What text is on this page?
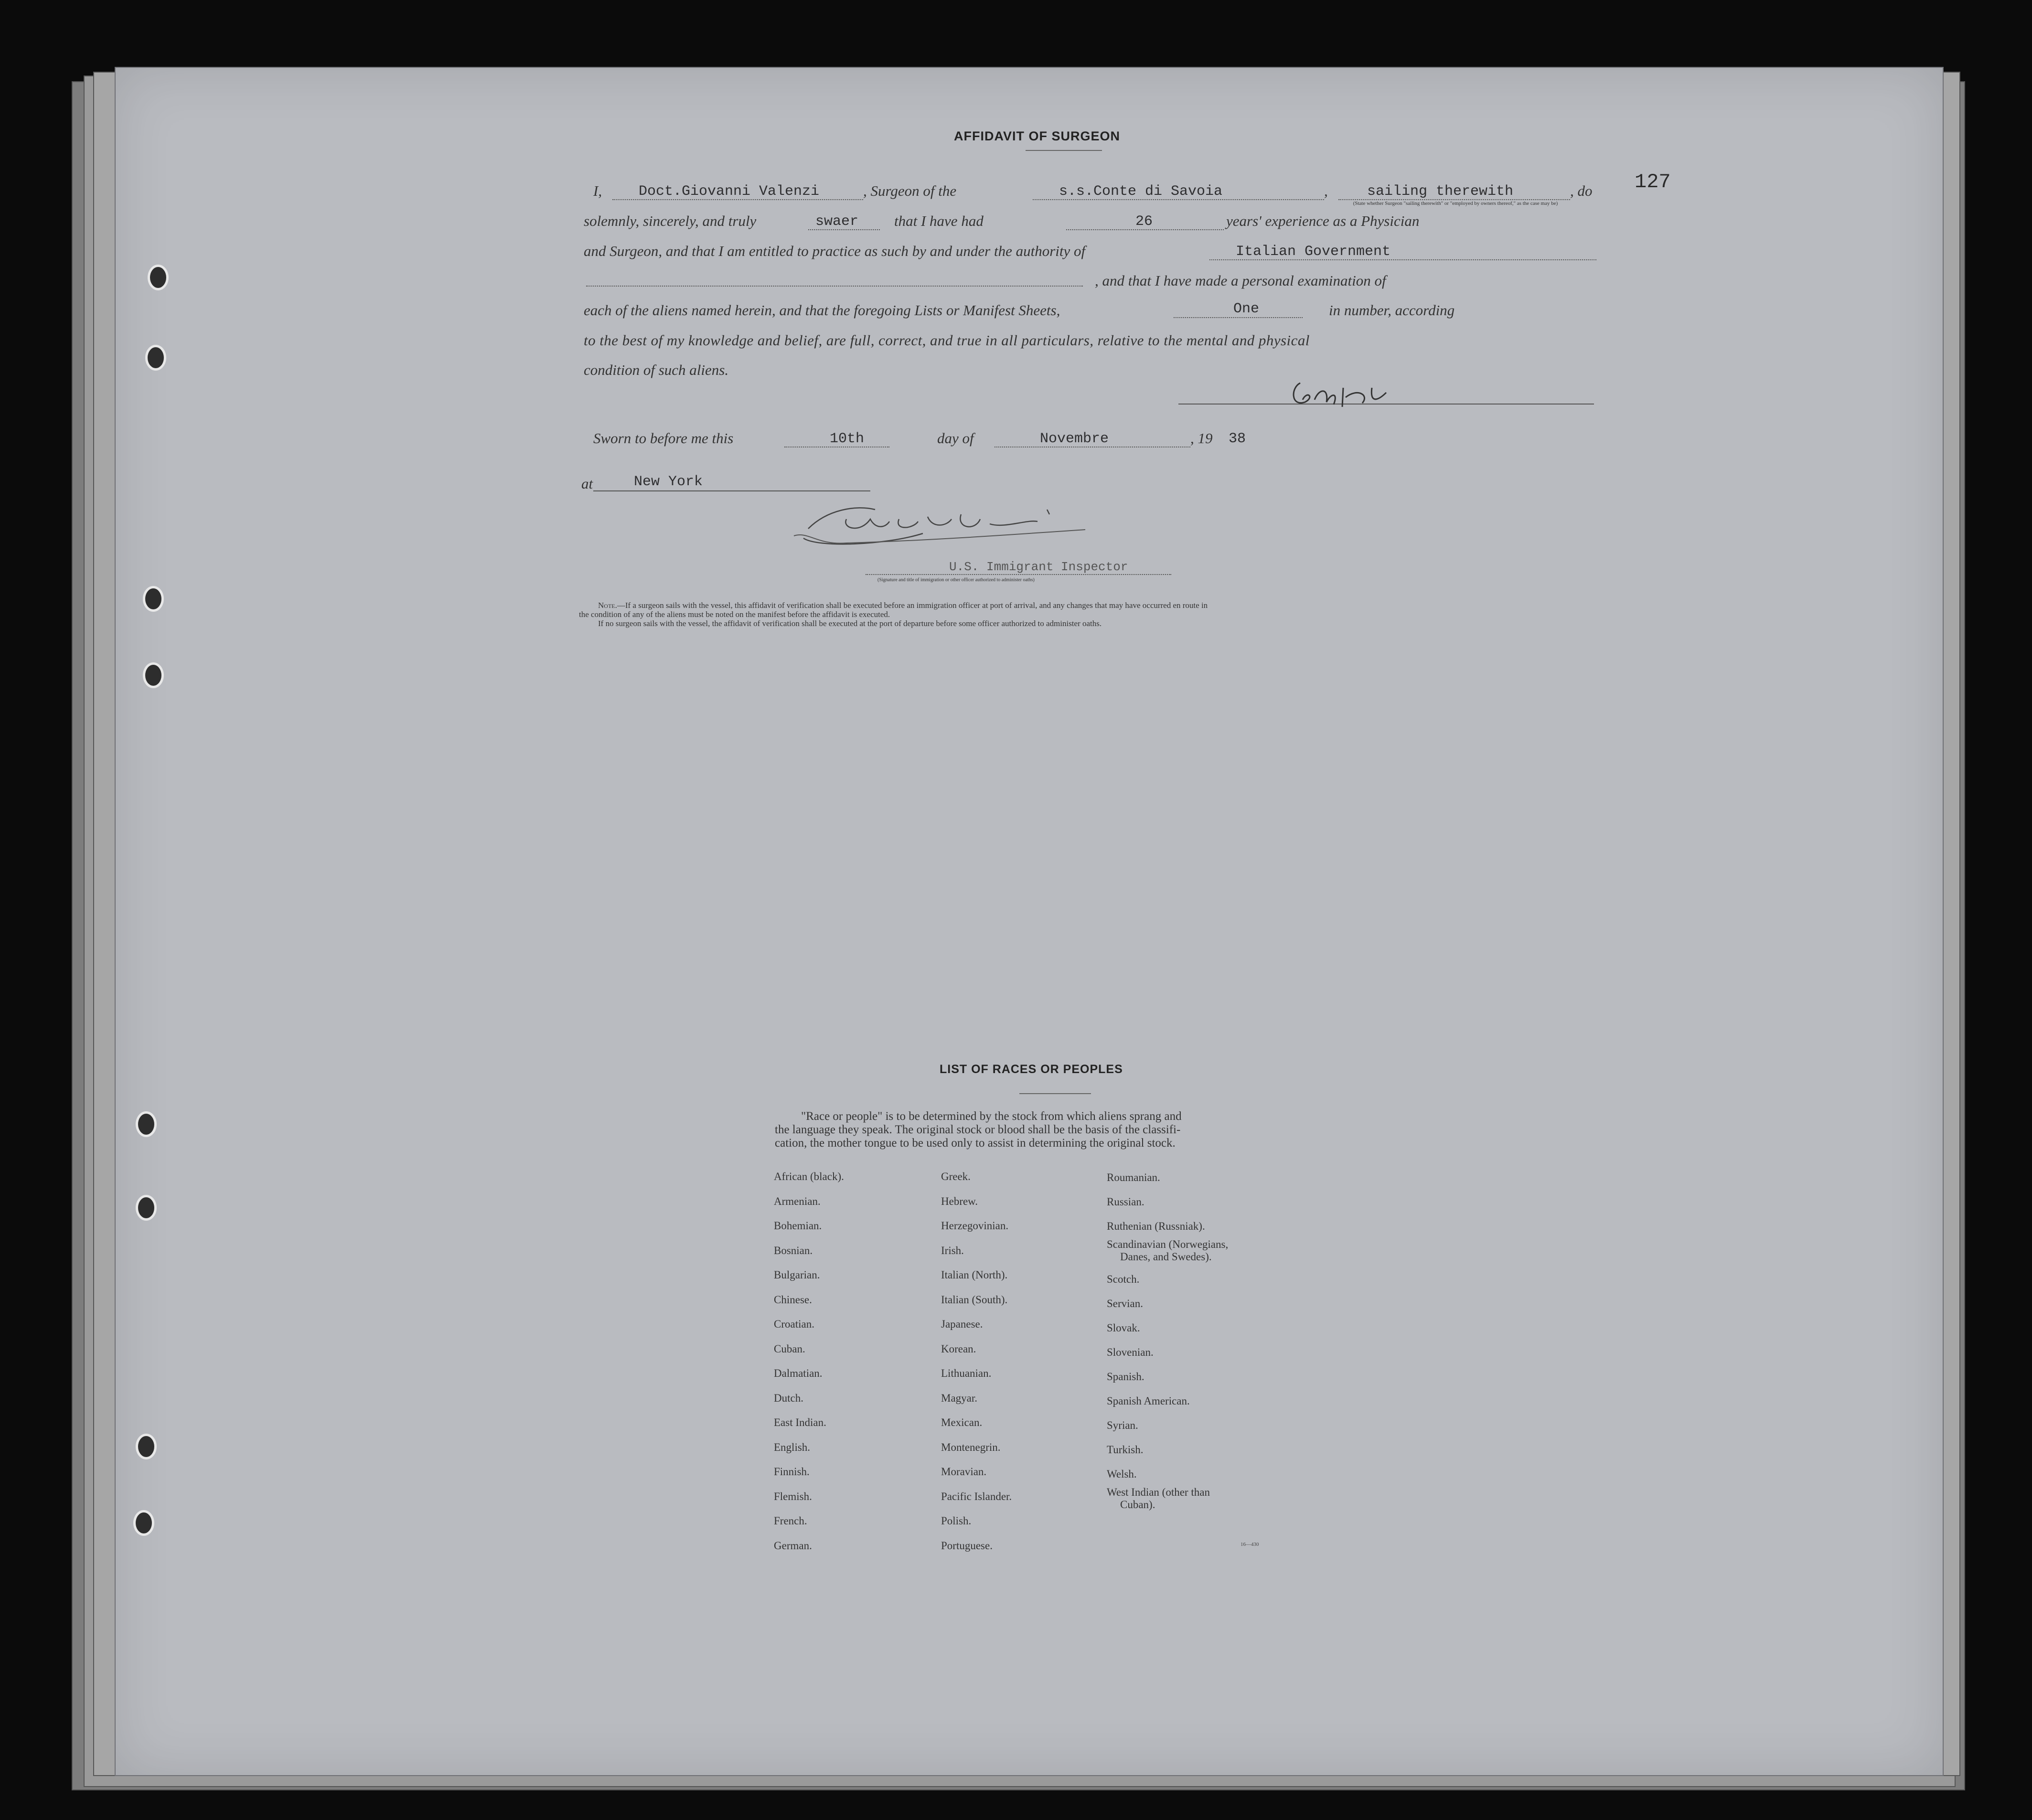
127
AFFIDAVIT OF SURGEON
I,	Doct.Giovanni Valenzi	, Surgeon of the	s.s.Conte di Savoia	,	sailing therewith	, do
(State whether Surgeon "sailing therewith" or "employed by owners thereof," as the case may be)
solemnly, sincerely, and truly	swaer that I have had	26	years' experience as a Physician
and Surgeon, and that I am entitled to practice as such by and under the authority of	Italian Government
, and that I have made a personal examination of
each of the aliens named herein, and that the foregoing Lists or Manifest Sheets,	One	in number, according
to the best of my knowledge and belief, are full, correct, and true in all particulars, relative to the mental and physical
condition of such aliens.
Sworn to before me this	10th	day of	Novembre	, 19 38
at	New York
U.S. Immigrant Inspector
(Signature and title of immigration or other officer authorized to administer oaths)
Note.—If a surgeon sails with the vessel, this affidavit of verification shall be executed before an immigration officer at port of arrival, and any changes that may have occurred en route in
the condition of any of the aliens must be noted on the manifest before the affidavit is executed.
If no surgeon sails with the vessel, the affidavit of verification shall be executed at the port of departure before some officer authorized to administer oaths.
LIST OF RACES OR PEOPLES
"Race or people" is to be determined by the stock from which aliens sprang and
the language they speak. The original stock or blood shall be the basis of the classifi-
cation, the mother tongue to be used only to assist in determining the original stock.
African (black).
Armenian.
Bohemian.
Bosnian.
Bulgarian.
Chinese.
Croatian.
Cuban.
Dalmatian.
Dutch.
East Indian.
English.
Finnish.
Flemish.
French.
German.
Greek.
Hebrew.
Herzegovinian.
Irish.
Italian (North).
Italian (South).
Japanese.
Korean.
Lithuanian.
Magyar.
Mexican.
Montenegrin.
Moravian.
Pacific Islander.
Polish.
Portuguese.
Roumanian.
Russian.
Ruthenian (Russniak).
Scandinavian (Norwegians,
Danes, and Swedes).
Scotch.
Servian.
Slovak.
Slovenian.
Spanish.
Spanish American.
Syrian.
Turkish.
Welsh.
West Indian (other than
Cuban).
16—430
